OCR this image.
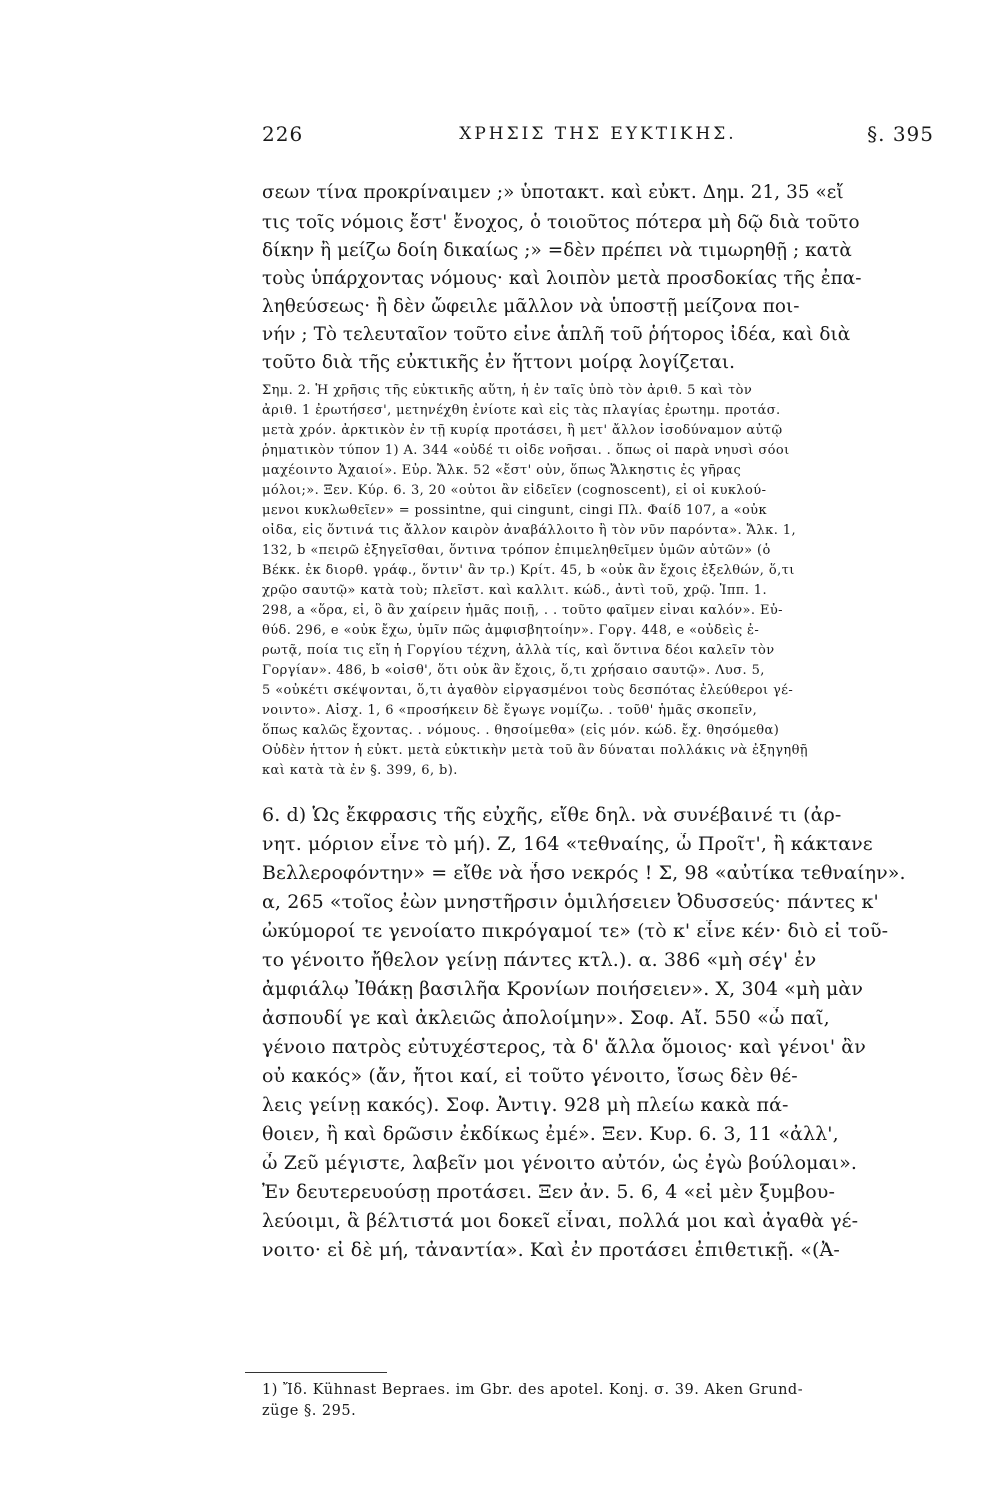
226	ΧΡΗΣΙΣ ΤΗΣ ΕΥΚΤΙΚΗΣ.	§. 395
σεων τίνα προκρίναιμεν ;» ὑποτακτ. καὶ εὐκτ. Δημ. 21, 35 «εἴ
τις τοῖς νόμοις ἔστ' ἔνοχος, ὁ τοιοῦτος πότερα μὴ δῷ διὰ τοῦτο
δίκην ἢ μείζω δοίη δικαίως ;» =δὲν πρέπει νὰ τιμωρηθῇ ; κατὰ
τοὺς ὑπάρχοντας νόμους· καὶ λοιπὸν μετὰ προσδοκίας τῆς ἐπα-
ληθεύσεως· ἢ δὲν ὤφειλε μᾶλλον νὰ ὑποστῇ μείζονα ποι-
νήν ; Τὸ τελευταῖον τοῦτο εἶνε ἁπλῆ τοῦ ῥήτορος ἰδέα, καὶ διὰ
τοῦτο διὰ τῆς εὐκτικῆς ἐν ἥττονι μοίρᾳ λογίζεται.
Σημ. 2. Ἡ χρῆσις τῆς εὐκτικῆς αὕτη, ἡ ἐν ταῖς ὑπὸ τὸν ἀριθ. 5 καὶ τὸν
ἀριθ. 1 ἐρωτήσεσ', μετηνέχθη ἐνίοτε καὶ εἰς τὰς πλαγίας ἐρωτημ. προτάσ.
μετὰ χρόν. ἀρκτικὸν ἐν τῇ κυρίᾳ προτάσει, ἢ μετ' ἄλλον ἰσοδύναμον αὐτῷ
ῥηματικὸν τύπον 1) Α. 344 «οὐδέ τι οἶδε νοῆσαι. . ὅπως οἱ παρὰ νηυσὶ σόοι
μαχέοιντο Ἀχαιοί». Εὐρ. Ἄλκ. 52 «ἔστ' οὖν, ὅπως Ἄλκηστις ἐς γῆρας
μόλοι;». Ξεν. Κύρ. 6. 3, 20 «οὗτοι ἂν εἰδεῖεν (cognoscent), εἰ οἱ κυκλού-
μενοι κυκλωθεῖεν» = possintne, qui cingunt, cingi Πλ. Φαίδ 107, a «οὐκ
οἶδα, εἰς ὅντινά τις ἄλλον καιρὸν ἀναβάλλοιτο ἢ τὸν νῦν παρόντα». Ἄλκ. 1,
132, b «πειρῶ ἐξηγεῖσθαι, ὅντινα τρόπον ἐπιμεληθεῖμεν ὑμῶν αὐτῶν» (ὁ
Βέκκ. ἐκ διορθ. γράφ., ὅντιν' ἂν τρ.) Κρίτ. 45, b «οὐκ ἂν ἔχοις ἐξελθών, ὅ,τι
χρῷο σαυτῷ» κατὰ τοὺ; πλεῖστ. καὶ καλλιτ. κώδ., ἀντὶ τοῦ, χρῷ. Ἱππ. 1.
298, a «ὅρα, εἰ, ὃ ἂν χαίρειν ἡμᾶς ποιῇ, . . τοῦτο φαῖμεν εἶναι καλόν». Εὐ-
θύδ. 296, e «οὐκ ἔχω, ὑμῖν πῶς ἀμφισβητοίην». Γοργ. 448, e «οὐδεὶς ἐ-
ρωτᾷ, ποία τις εἴη ἡ Γοργίου τέχνη, ἀλλὰ τίς, καὶ ὅντινα δέοι καλεῖν τὸν
Γοργίαν». 486, b «οἶσθ', ὅτι οὐκ ἂν ἔχοις, ὅ,τι χρήσαιο σαυτῷ». Λυσ. 5,
5 «οὐκέτι σκέψονται, ὅ,τι ἀγαθὸν εἰργασμένοι τοὺς δεσπότας ἐλεύθεροι γέ-
νοιντο». Αἰσχ. 1, 6 «προσήκειν δὲ ἔγωγε νομίζω. . τοῦθ' ἡμᾶς σκοπεῖν,
ὅπως καλῶς ἔχοντας. . νόμους. . θησοίμεθα» (εἰς μόν. κώδ. ἔχ. θησόμεθα)
Οὐδὲν ἧττον ἡ εὐκτ. μετὰ εὐκτικὴν μετὰ τοῦ ἂν δύναται πολλάκις νὰ ἐξηγηθῇ
καὶ κατὰ τὰ ἐν §. 399, 6, b).
6. d) Ὡς ἔκφρασις τῆς εὐχῆς, εἴθε δηλ. νὰ συνέβαινέ τι (ἀρ-
νητ. μόριον εἶνε τὸ μή). Ζ, 164 «τεθναίης, ὦ Προῖτ', ἢ κάκτανε
Βελλεροφόντην» = εἴθε νὰ ἦσο νεκρός ! Σ, 98 «αὐτίκα τεθναίην».
α, 265 «τοῖος ἐὼν μνηστῆρσιν ὁμιλήσειεν Ὀδυσσεύς· πάντες κ'
ὠκύμοροί τε γενοίατο πικρόγαμοί τε» (τὸ κ' εἶνε κέν· διὸ εἰ τοῦ-
το γένοιτο ἤθελον γείνῃ πάντες κτλ.). α. 386 «μὴ σέγ' ἐν
ἀμφιάλῳ Ἰθάκῃ βασιλῆα Κρονίων ποιήσειεν». Χ, 304 «μὴ μὰν
ἀσπουδί γε καὶ ἀκλειῶς ἀπολοίμην». Σοφ. Αἴ. 550 «ὦ παῖ,
γένοιο πατρὸς εὐτυχέστερος, τὰ δ' ἄλλα ὅμοιος· καὶ γένοι' ἂν
οὐ κακός» (ἄν, ἤτοι καί, εἰ τοῦτο γένοιτο, ἴσως δὲν θέ-
λεις γείνῃ κακός). Σοφ. Ἀντιγ. 928 μὴ πλείω κακὰ πά-
θοιεν, ἢ καὶ δρῶσιν ἐκδίκως ἐμέ». Ξεν. Κυρ. 6. 3, 11 «ἀλλ',
ὦ Ζεῦ μέγιστε, λαβεῖν μοι γένοιτο αὐτόν, ὡς ἐγὼ βούλομαι».
Ἐν δευτερευούσῃ προτάσει. Ξεν ἀν. 5. 6, 4 «εἰ μὲν ξυμβου-
λεύοιμι, ἃ βέλτιστά μοι δοκεῖ εἶναι, πολλά μοι καὶ ἀγαθὰ γέ-
νοιτο· εἰ δὲ μή, τἀναντία». Καὶ ἐν προτάσει ἐπιθετικῇ. «(Ἀ-
1) Ἴδ. Kühnast Bepraes. im Gbr. des apotel. Konj. σ. 39. Aken Grund-
züge §. 295.
